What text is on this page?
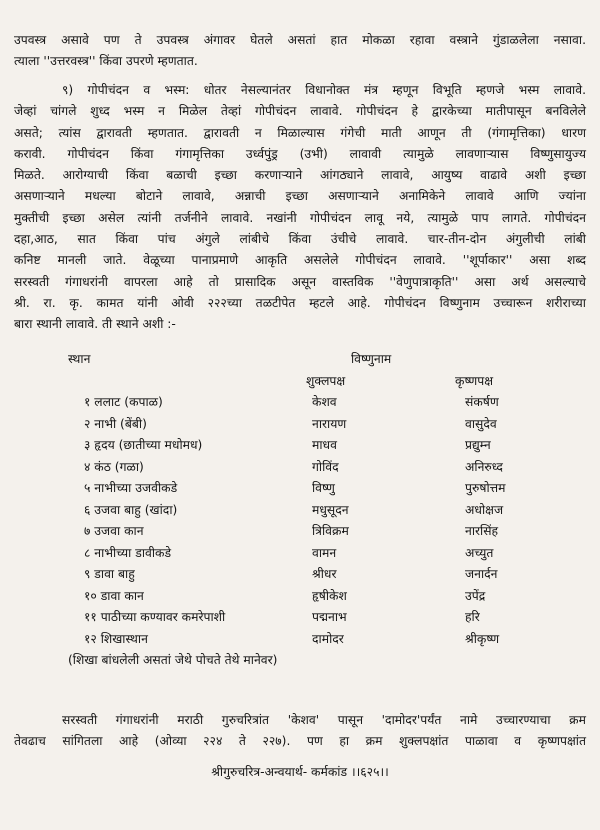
उपवस्त्र असावे पण ते उपवस्त्र अंगावर घेतले असतां हात मोकळा रहावा वस्त्राने गुंडाळलेला नसावा.
त्याला ''उत्तरवस्त्र'' किंवा उपरणे म्हणतात.
९) गोपीचंदन व भस्म: धोतर नेसल्यानंतर विधानोक्त मंत्र म्हणून विभूति म्हणजे भस्म लावावे.
जेव्हां चांगले शुध्द भस्म न मिळेल तेव्हां गोपीचंदन लावावे. गोपीचंदन हे द्वारकेच्या मातीपासून बनविलेले
असते; त्यांस द्वारावती म्हणतात. द्वारावती न मिळाल्यास गंगेची माती आणून ती (गंगामृत्तिका) धारण
करावी. गोपीचंदन किंवा गंगामृत्तिका उर्ध्वपुंड्र (उभी) लावावी त्यामुळे लावणाऱ्यास विष्णुसायुज्य
मिळते. आरोग्याची किंवा बळाची इच्छा करणाऱ्याने आंगठ्याने लावावे, आयुष्य वाढावे अशी इच्छा
असणाऱ्याने मधल्या बोटाने लावावे, अन्नाची इच्छा असणाऱ्याने अनामिकेने लावावे आणि ज्यांना
मुक्तीची इच्छा असेल त्यांनी तर्जनीने लावावे. नखांनी गोपीचंदन लावू नये, त्यामुळे पाप लागते. गोपीचंदन
दहा,आठ, सात किंवा पांच अंगुले लांबीचे किंवा उंचीचे लावावे. चार-तीन-दोन अंगुलीची लांबी
कनिष्ट मानली जाते. वेळूच्या पानाप्रमाणे आकृति असलेले गोपीचंदन लावावे. ''शूर्पाकार'' असा शब्द
सरस्वती गंगाधरांनी वापरला आहे तो प्रासादिक असून वास्तविक ''वेणुपात्राकृति'' असा अर्थ असल्याचे
श्री. रा. कृ. कामत यांनी ओवी २२२च्या तळटीपेत म्हटले आहे. गोपीचंदन विष्णुनाम उच्चारून शरीराच्या
बारा स्थानी लावावे. ती स्थाने अशी :-
स्थान	विष्णुनाम
शुक्लपक्ष	कृष्णपक्ष
१ ललाट (कपाळ)	केशव	संकर्षण
२ नाभी (बेंबी)	नारायण	वासुदेव
३ हृदय (छातीच्या मधोमध)	माधव	प्रद्युम्न
४ कंठ (गळा)	गोविंद	अनिरुध्द
५ नाभीच्या उजवीकडे	विष्णु	पुरुषोत्तम
६ उजवा बाहु (खांदा)	मधुसूदन	अधोक्षज
७ उजवा कान	त्रिविक्रम	नारसिंह
८ नाभीच्या डावीकडे	वामन	अच्युत
९ डावा बाहु	श्रीधर	जनार्दन
१० डावा कान	हृषीकेश	उपेंद्र
११ पाठीच्या कण्यावर कमरेपाशी	पद्मनाभ	हरि
१२ शिखास्थान	दामोदर	श्रीकृष्ण
(शिखा बांधलेली असतां जेथे पोचते तेथे मानेवर)
सरस्वती गंगाधरांनी मराठी गुरुचरित्रांत 'केशव' पासून 'दामोदर'पर्यंत नामे उच्चारण्याचा क्रम
तेवढाच सांगितला आहे (ओव्या २२४ ते २२७). पण हा क्रम शुक्लपक्षांत पाळावा व कृष्णपक्षांत
श्रीगुरुचरित्र-अन्वयार्थ- कर्मकांड ।।६२५।।
